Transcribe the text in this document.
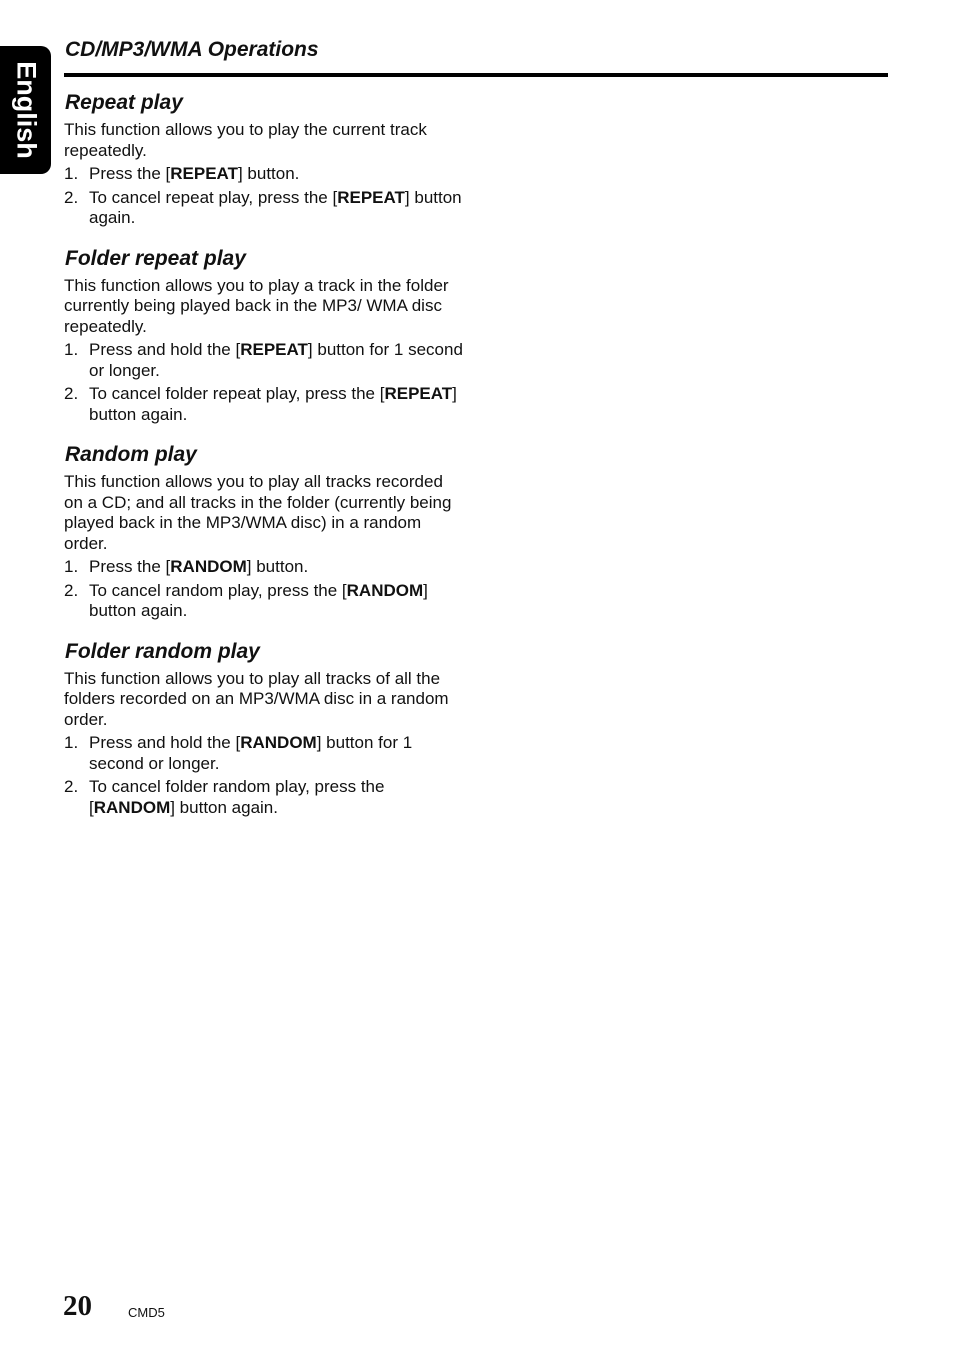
English
CD/MP3/WMA Operations
Repeat play

This function allows you to play the current track repeatedly.

1. Press the [REPEAT] button.
2. To cancel repeat play, press the [REPEAT] button again.
Folder repeat play

This function allows you to play a track in the folder currently being played back in the MP3/ WMA disc repeatedly.

1. Press and hold the [REPEAT] button for 1 second or longer.
2. To cancel folder repeat play, press the [REPEAT] button again.
Random play

This function allows you to play all tracks recorded on a CD; and all tracks in the folder (currently being played back in the MP3/WMA disc) in a random order.

1. Press the [RANDOM] button.
2. To cancel random play, press the [RANDOM] button again.
Folder random play

This function allows you to play all tracks of all the folders recorded on an MP3/WMA disc in a random order.

1. Press and hold the [RANDOM] button for 1 second or longer.
2. To cancel folder random play, press the [RANDOM] button again.
20	CMD5
